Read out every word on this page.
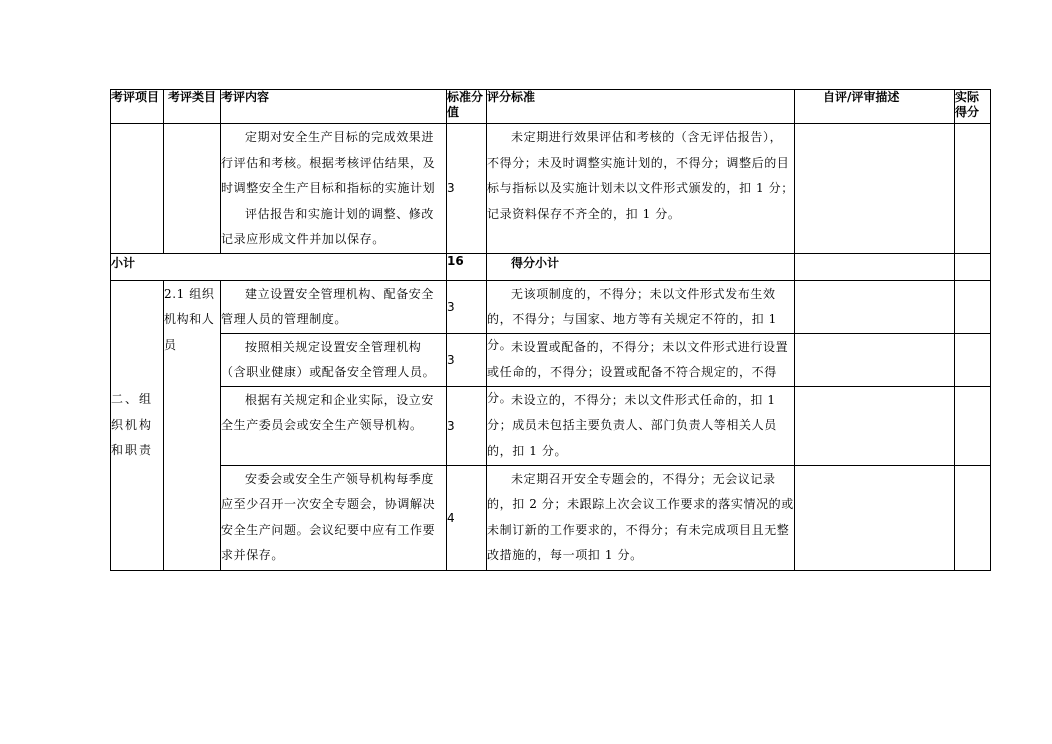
考评项目	考评类目	考评内容	标准分值	评分标准	自评/评审描述	实际得分

		定期对安全生产目标的完成效果进行评估和考核。根据考核评估结果，及时调整安全生产目标和指标的实施计划
评估报告和实施计划的调整、修改记录应形成文件并加以保存。	3	未定期进行效果评估和考核的（含无评估报告），不得分；未及时调整实施计划的，不得分；调整后的目标与指标以及实施计划未以文件形式颁发的，扣 1 分；记录资料保存不齐全的，扣 1 分。		

小计			16	得分小计		

二、组织机构和职责	2.1 组织机构和人员	建立设置安全管理机构、配备安全管理人员的管理制度。	3	无该项制度的，不得分；未以文件形式发布生效的，不得分；与国家、地方等有关规定不符的，扣 1 分。		

		按照相关规定设置安全管理机构（含职业健康）或配备安全管理人员。	3	未设置或配备的，不得分；未以文件形式进行设置或任命的，不得分；设置或配备不符合规定的，不得分。		

		根据有关规定和企业实际，设立安全生产委员会或安全生产领导机构。	3	未设立的，不得分；未以文件形式任命的，扣 1 分；成员未包括主要负责人、部门负责人等相关人员的，扣 1 分。		

		安委会或安全生产领导机构每季度应至少召开一次安全专题会，协调解决安全生产问题。会议纪要中应有工作要求并保存。	4	未定期召开安全专题会的，不得分；无会议记录的，扣 2 分；未跟踪上次会议工作要求的落实情况的或未制订新的工作要求的，不得分；有未完成项目且无整改措施的，每一项扣 1 分。		
